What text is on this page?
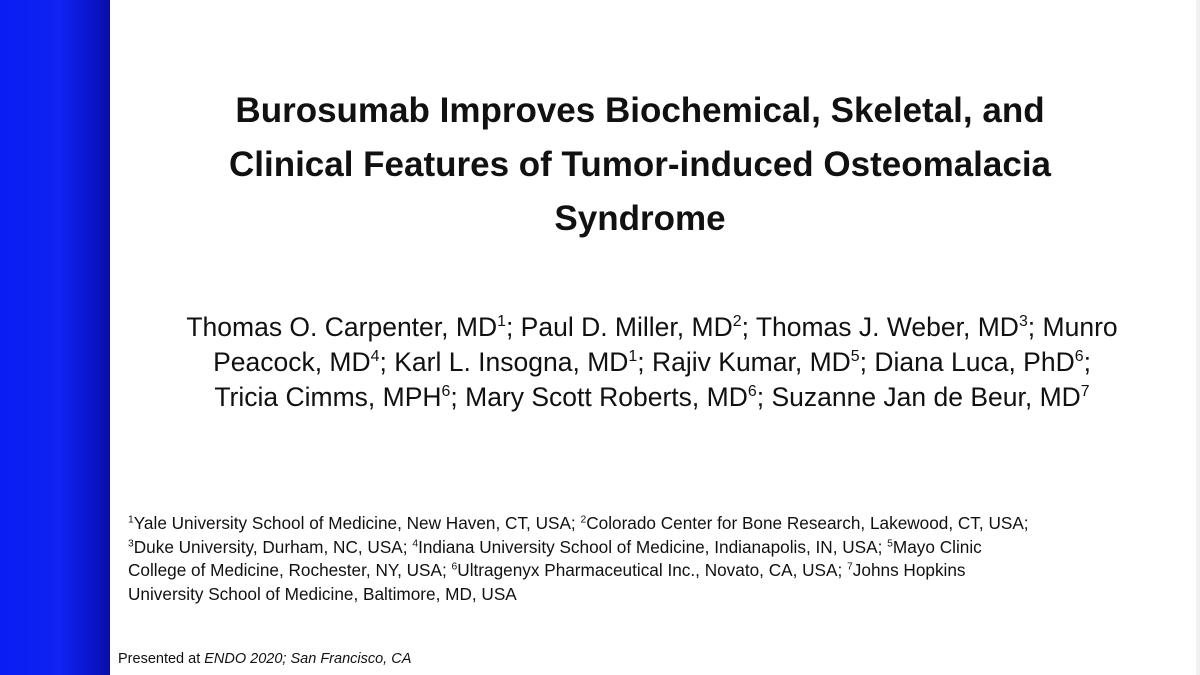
Burosumab Improves Biochemical, Skeletal, and
Clinical Features of Tumor-induced Osteomalacia
Syndrome
Thomas O. Carpenter, $MD^1$; Paul D. Miller, $MD^2$; Thomas J. Weber, $MD^3$; Munro
Peacock, $MD^4$; Karl L. Insogna, $MD^1$; Rajiv Kumar, $MD^5$; Diana Luca, PhD$^6$;
Tricia Cimms, MPH$^6$; Mary Scott Roberts, $MD^6$; Suzanne Jan de Beur, $MD^7$
$^1$Yale University School of Medicine, New Haven, CT, USA; $^2$Colorado Center for Bone Research, Lakewood, CT, USA;
$^3$Duke University, Durham, NC, USA; $^4$Indiana University School of Medicine, Indianapolis, IN, USA; $^5$Mayo Clinic
College of Medicine, Rochester, NY, USA; $^6$Ultragenyx Pharmaceutical Inc., Novato, CA, USA; $^7$Johns Hopkins
University School of Medicine, Baltimore, MD, USA
Presented at ENDO 2020; San Francisco, CA
